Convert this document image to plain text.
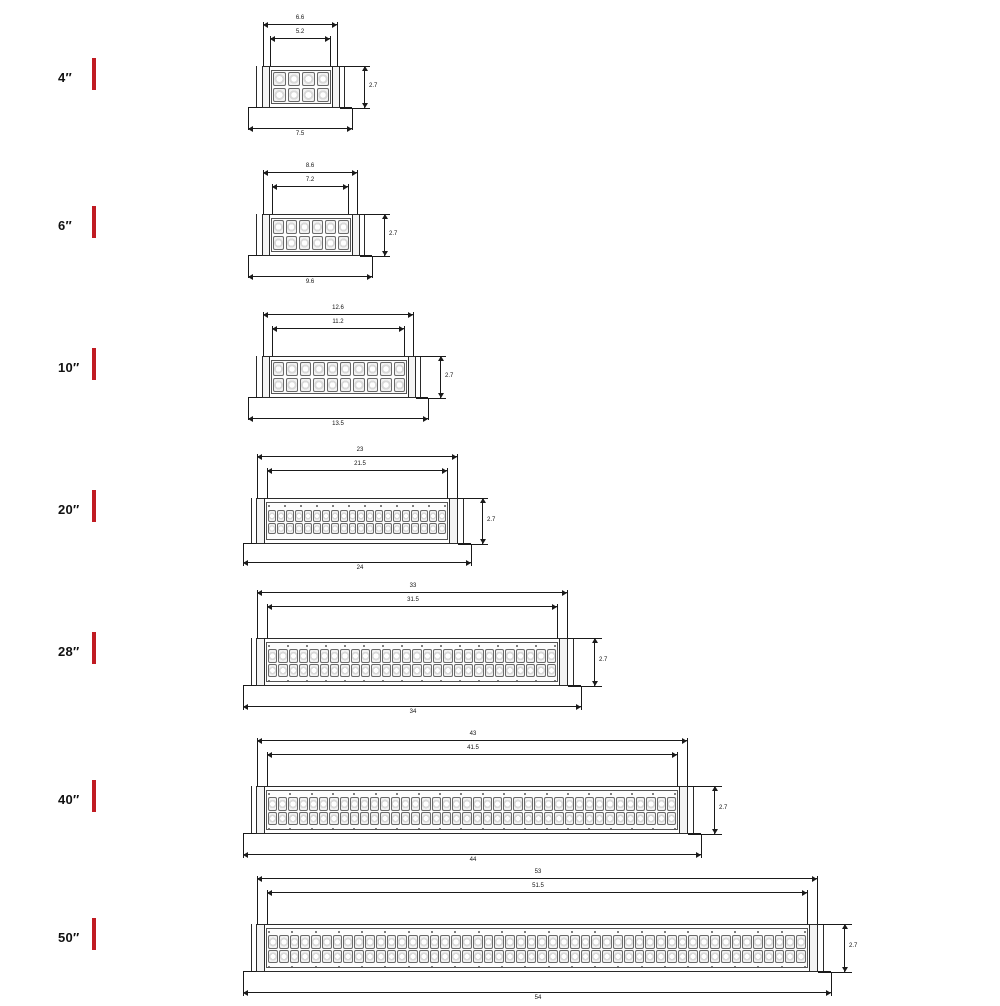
4″
6.6
5.2
2.7
7.5
6″
8.6
7.2
2.7
9.6
10″
12.6
11.2
2.7
13.5
20″
23
21.5
2.7
24
28″
33
31.5
2.7
34
40″
43
41.5
2.7
44
50″
53
51.5
2.7
54
